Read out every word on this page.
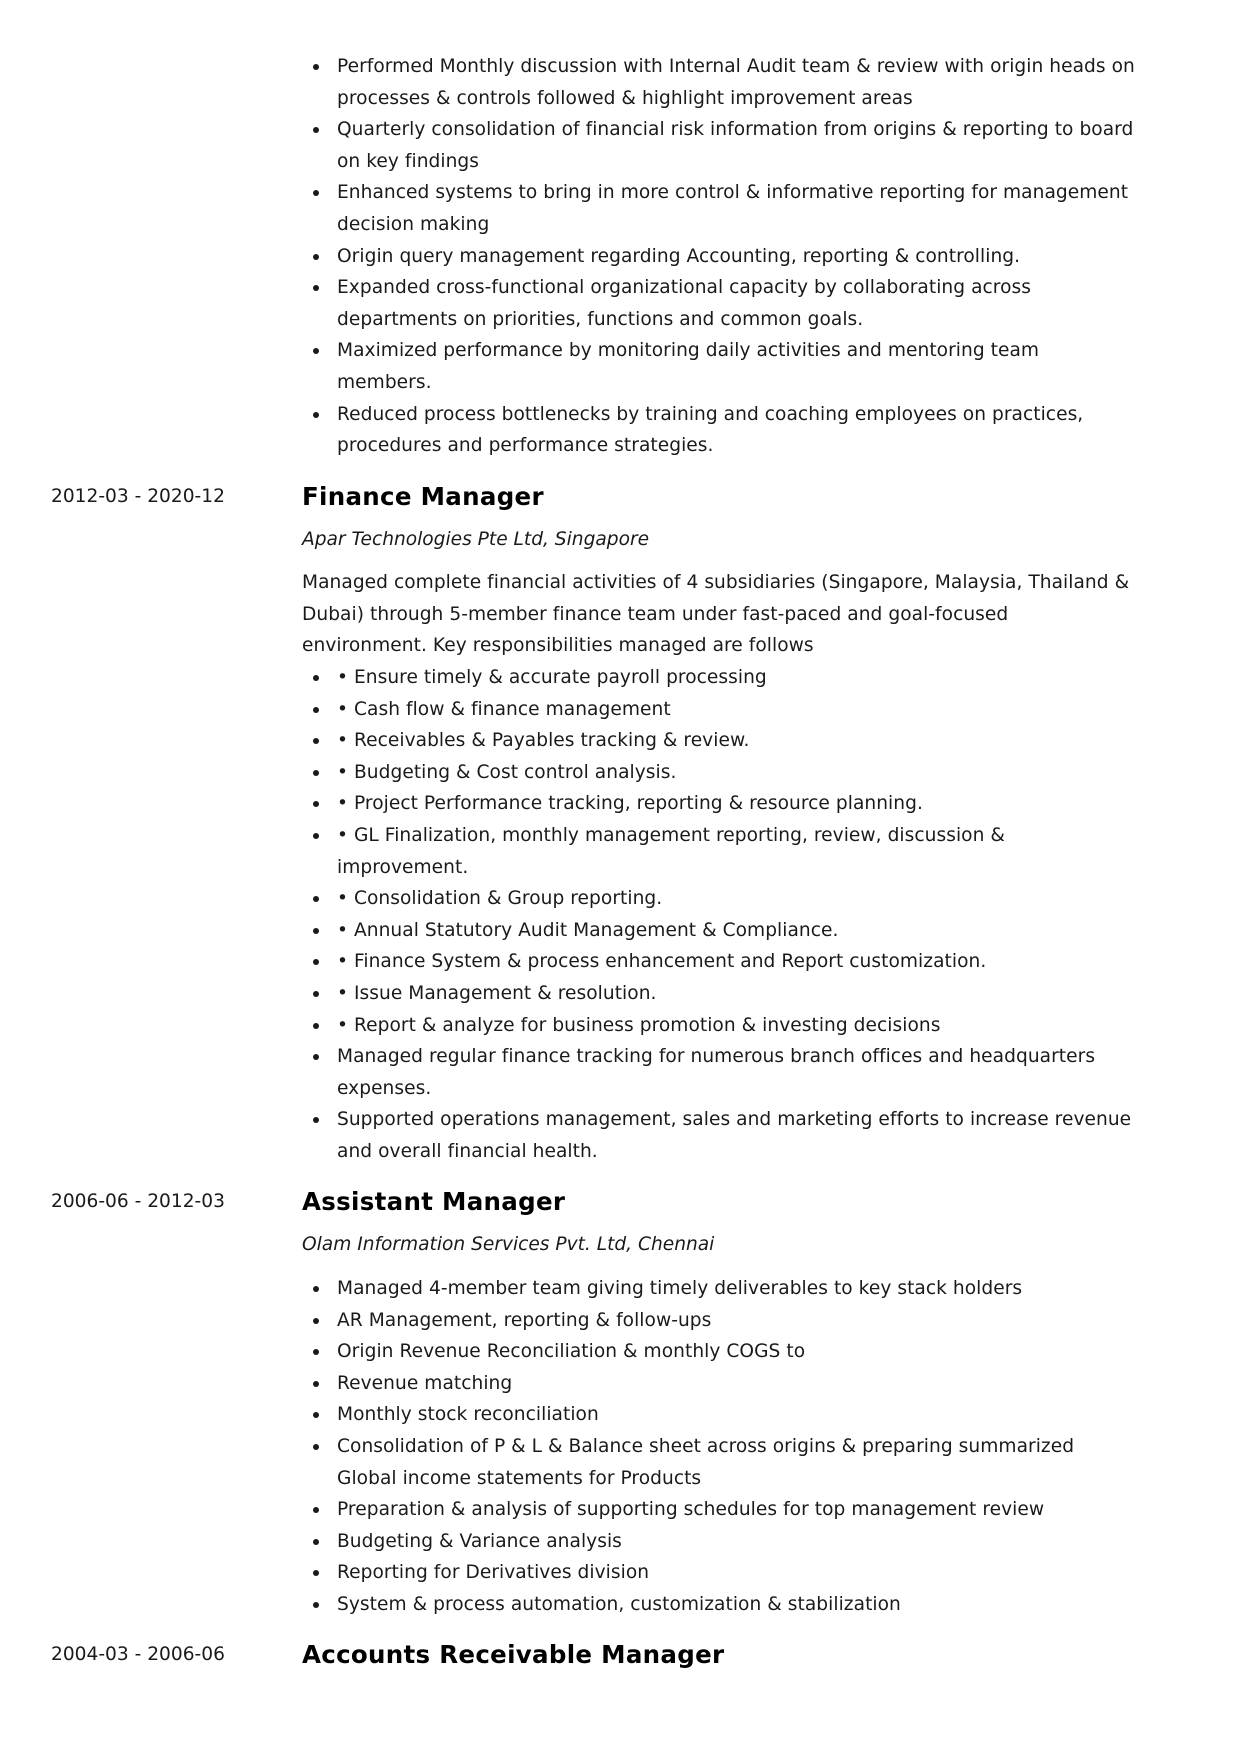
Performed Monthly discussion with Internal Audit team & review with origin heads on
processes & controls followed & highlight improvement areas
Quarterly consolidation of financial risk information from origins & reporting to board
on key findings
Enhanced systems to bring in more control & informative reporting for management
decision making
Origin query management regarding Accounting, reporting & controlling.
Expanded cross-functional organizational capacity by collaborating across
departments on priorities, functions and common goals.
Maximized performance by monitoring daily activities and mentoring team
members.
Reduced process bottlenecks by training and coaching employees on practices,
procedures and performance strategies.
2012-03 - 2020-12	Finance Manager
Apar Technologies Pte Ltd, Singapore
Managed complete financial activities of 4 subsidiaries (Singapore, Malaysia, Thailand &
Dubai) through 5-member finance team under fast-paced and goal-focused
environment. Key responsibilities managed are follows
• Ensure timely & accurate payroll processing
• Cash flow & finance management
• Receivables & Payables tracking & review.
• Budgeting & Cost control analysis.
• Project Performance tracking, reporting & resource planning.
• GL Finalization, monthly management reporting, review, discussion &
improvement.
• Consolidation & Group reporting.
• Annual Statutory Audit Management & Compliance.
• Finance System & process enhancement and Report customization.
• Issue Management & resolution.
• Report & analyze for business promotion & investing decisions
Managed regular finance tracking for numerous branch offices and headquarters
expenses.
Supported operations management, sales and marketing efforts to increase revenue
and overall financial health.
2006-06 - 2012-03	Assistant Manager
Olam Information Services Pvt. Ltd, Chennai
Managed 4-member team giving timely deliverables to key stack holders
AR Management, reporting & follow-ups
Origin Revenue Reconciliation & monthly COGS to
Revenue matching
Monthly stock reconciliation
Consolidation of P & L & Balance sheet across origins & preparing summarized
Global income statements for Products
Preparation & analysis of supporting schedules for top management review
Budgeting & Variance analysis
Reporting for Derivatives division
System & process automation, customization & stabilization
2004-03 - 2006-06	Accounts Receivable Manager
